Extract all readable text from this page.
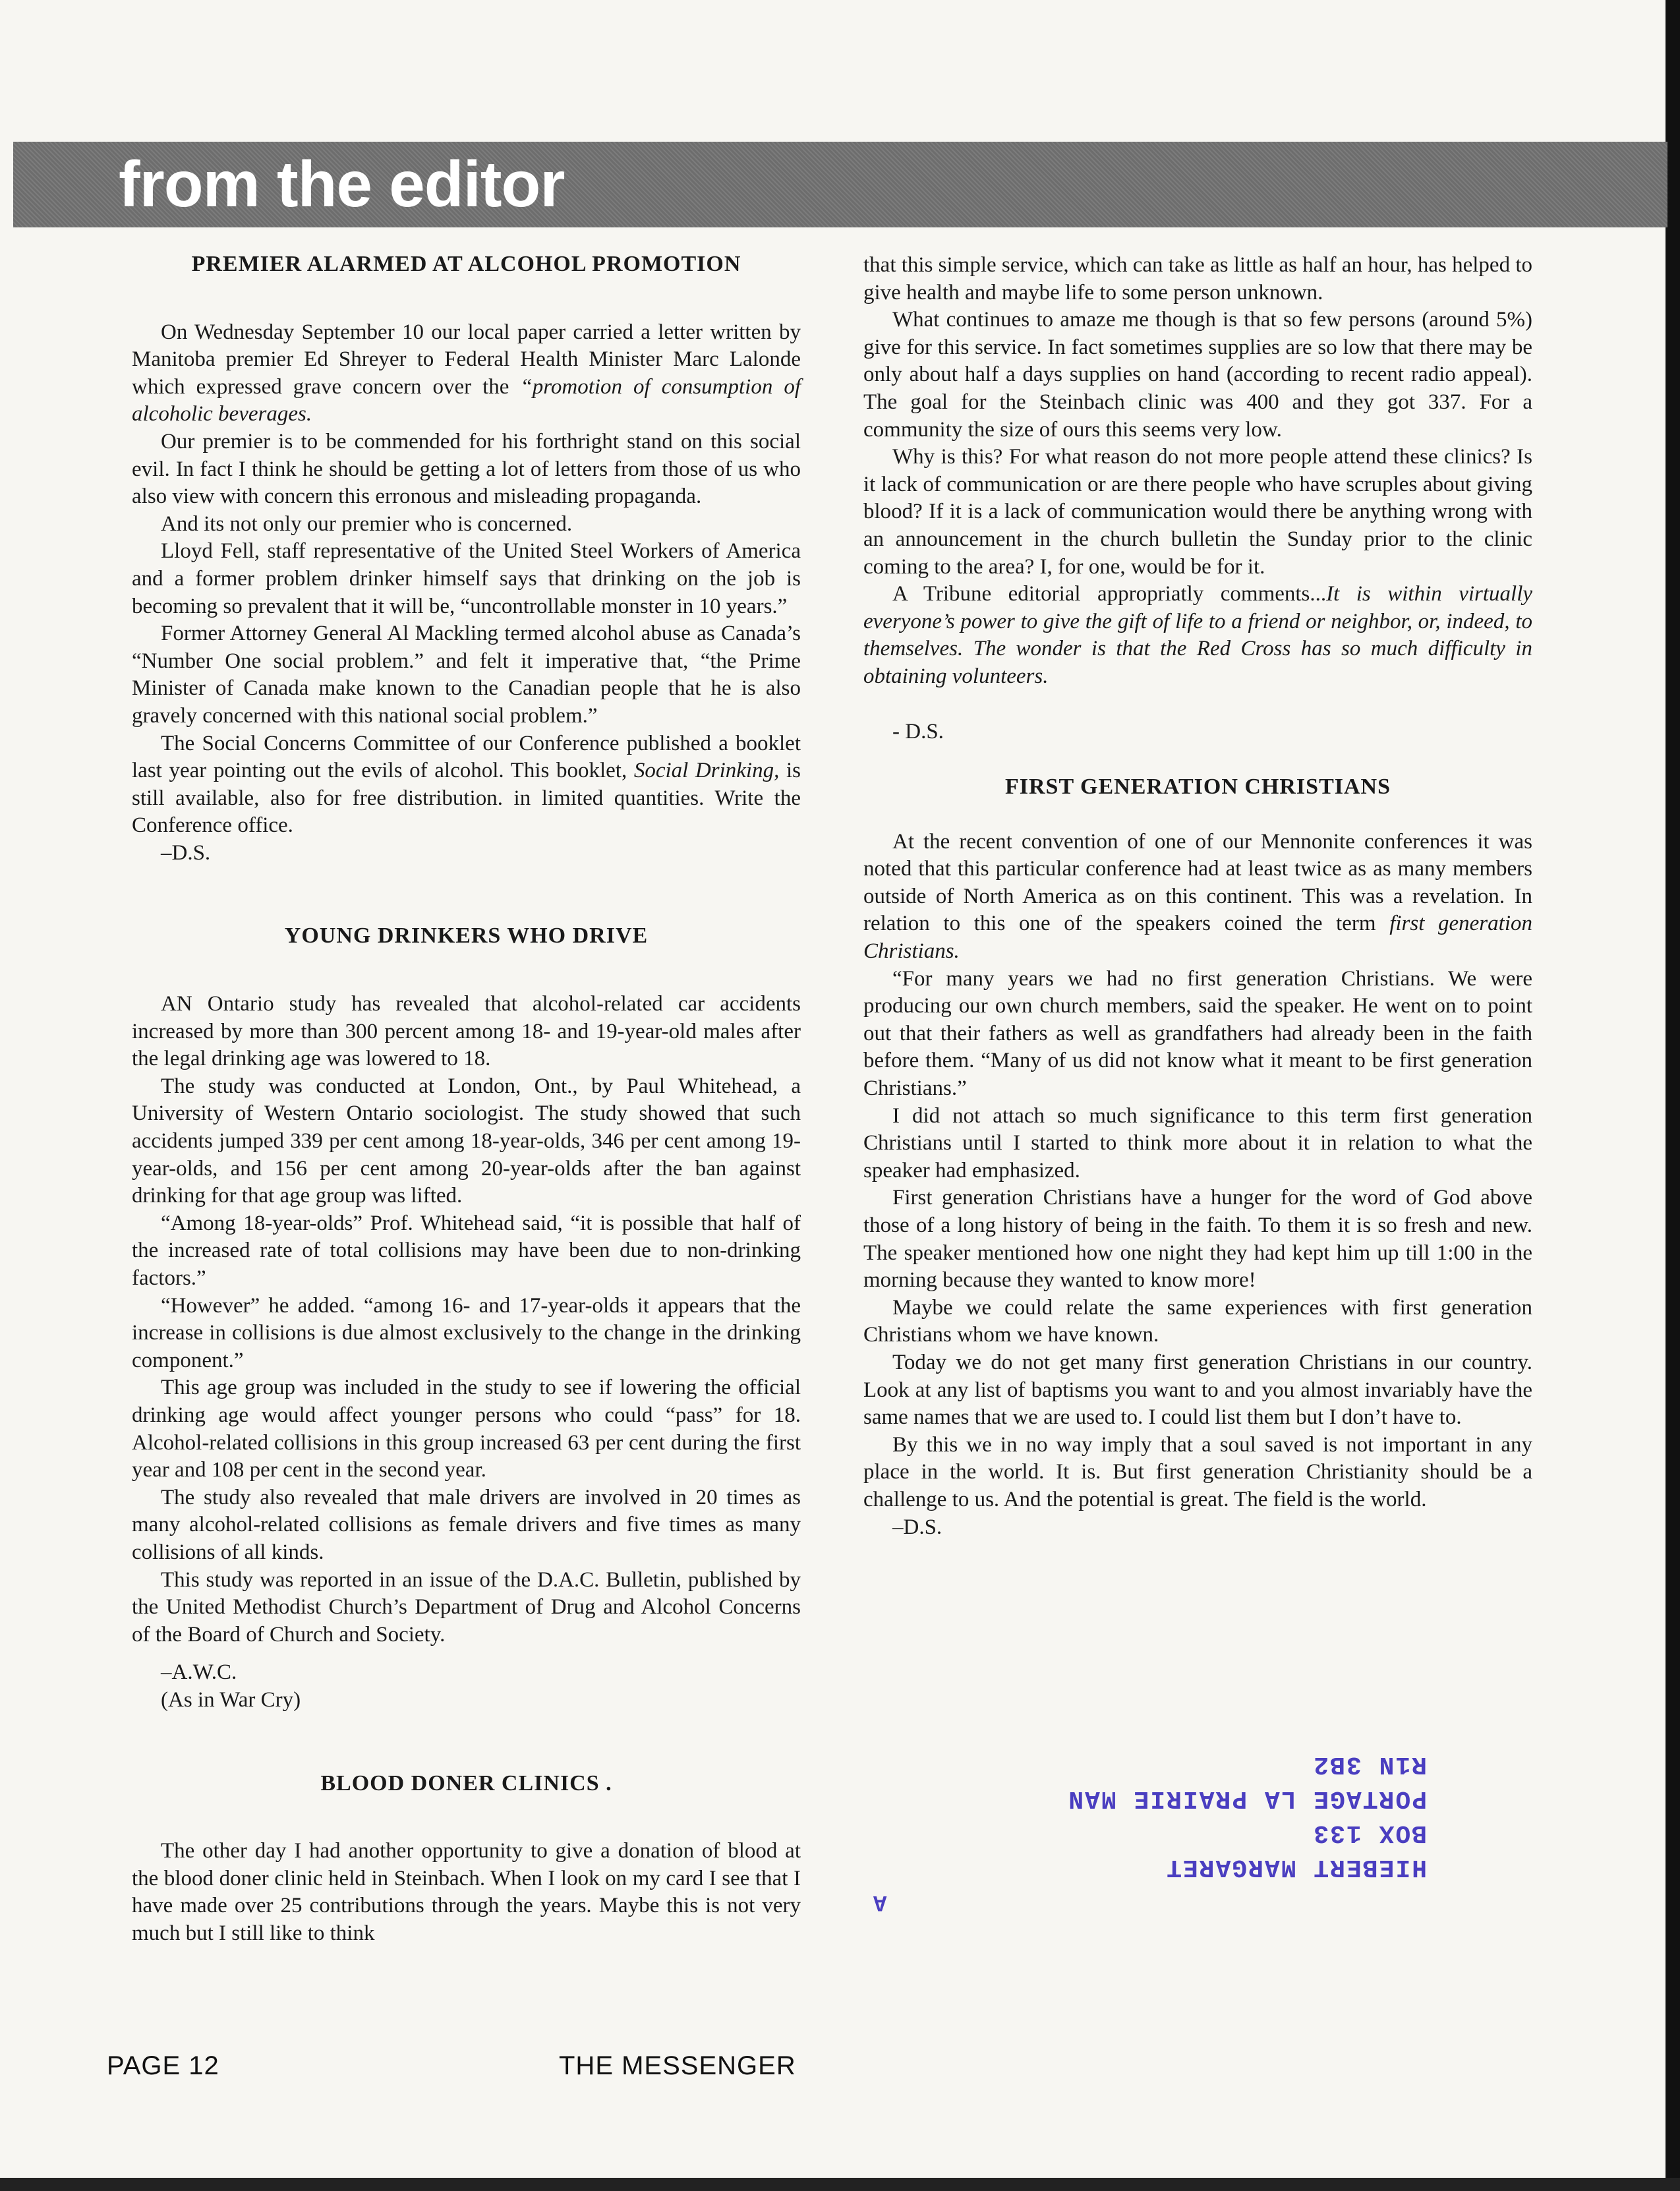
from the editor
PREMIER ALARMED AT ALCOHOL PROMOTION

On Wednesday September 10 our local paper carried a letter written by Manitoba premier Ed Shreyer to Federal Health Minister Marc Lalonde which expressed grave concern over the “promotion of consumption of alcoholic beverages.

Our premier is to be commended for his forthright stand on this social evil. In fact I think he should be getting a lot of letters from those of us who also view with concern this erronous and misleading propaganda.

And its not only our premier who is concerned.

Lloyd Fell, staff representative of the United Steel Workers of America and a former problem drinker himself says that drinking on the job is becoming so prevalent that it will be, “uncontrollable monster in 10 years.”

Former Attorney General Al Mackling termed alcohol abuse as Canada’s “Number One social problem.” and felt it imperative that, “the Prime Minister of Canada make known to the Canadian people that he is also gravely concerned with this national social problem.”

The Social Concerns Committee of our Conference published a booklet last year pointing out the evils of alcohol. This booklet, Social Drinking, is still available, also for free distribution. in limited quantities. Write the Conference office.

–D.S.

YOUNG DRINKERS WHO DRIVE

AN Ontario study has revealed that alcohol-related car accidents increased by more than 300 percent among 18- and 19-year-old males after the legal drinking age was lowered to 18.

The study was conducted at London, Ont., by Paul Whitehead, a University of Western Ontario sociologist. The study showed that such accidents jumped 339 per cent among 18-year-olds, 346 per cent among 19-year-olds, and 156 per cent among 20-year-olds after the ban against drinking for that age group was lifted.

“Among 18-year-olds” Prof. Whitehead said, “it is possible that half of the increased rate of total collisions may have been due to non-drinking factors.”

“However” he added. “among 16- and 17-year-olds it appears that the increase in collisions is due almost exclusively to the change in the drinking component.”

This age group was included in the study to see if lowering the official drinking age would affect younger persons who could “pass” for 18. Alcohol-related collisions in this group increased 63 per cent during the first year and 108 per cent in the second year.

The study also revealed that male drivers are involved in 20 times as many alcohol-related collisions as female drivers and five times as many collisions of all kinds.

This study was reported in an issue of the D.A.C. Bulletin, published by the United Methodist Church’s Department of Drug and Alcohol Concerns of the Board of Church and Society.

–A.W.C.

(As in War Cry)

BLOOD DONER CLINICS .

The other day I had another opportunity to give a donation of blood at the blood doner clinic held in Steinbach. When I look on my card I see that I have made over 25 contributions through the years. Maybe this is not very much but I still like to think

that this simple service, which can take as little as half an hour, has helped to give health and maybe life to some person unknown.

What continues to amaze me though is that so few persons (around 5%) give for this service. In fact sometimes supplies are so low that there may be only about half a days supplies on hand (according to recent radio appeal). The goal for the Steinbach clinic was 400 and they got 337. For a community the size of ours this seems very low.

Why is this? For what reason do not more people attend these clinics? Is it lack of communication or are there people who have scruples about giving blood? If it is a lack of communication would there be anything wrong with an announcement in the church bulletin the Sunday prior to the clinic coming to the area? I, for one, would be for it.

A Tribune editorial appropriatly comments...It is within virtually everyone’s power to give the gift of life to a friend or neighbor, or, indeed, to themselves. The wonder is that the Red Cross has so much difficulty in obtaining volunteers.

- D.S.

FIRST GENERATION CHRISTIANS

At the recent convention of one of our Mennonite conferences it was noted that this particular conference had at least twice as as many members outside of North America as on this continent. This was a revelation. In relation to this one of the speakers coined the term first generation Christians.

“For many years we had no first generation Christians. We were producing our own church members, said the speaker. He went on to point out that their fathers as well as grandfathers had already been in the faith before them. “Many of us did not know what it meant to be first generation Christians.”

I did not attach so much significance to this term first generation Christians until I started to think more about it in relation to what the speaker had emphasized.

First generation Christians have a hunger for the word of God above those of a long history of being in the faith. To them it is so fresh and new. The speaker mentioned how one night they had kept him up till 1:00 in the morning because they wanted to know more!

Maybe we could relate the same experiences with first generation Christians whom we have known.

Today we do not get many first generation Christians in our country. Look at any list of baptisms you want to and you almost invariably have the same names that we are used to. I could list them but I don’t have to.

By this we in no way imply that a soul saved is not important in any place in the world. It is. But first generation Christianity should be a challenge to us. And the potential is great. The field is the world.

–D.S.

HIEBERT MARGARET
BOX 133
PORTAGE LA PRAIRIE MAN
R1N 3B2
A
PAGE 12	THE MESSENGER
